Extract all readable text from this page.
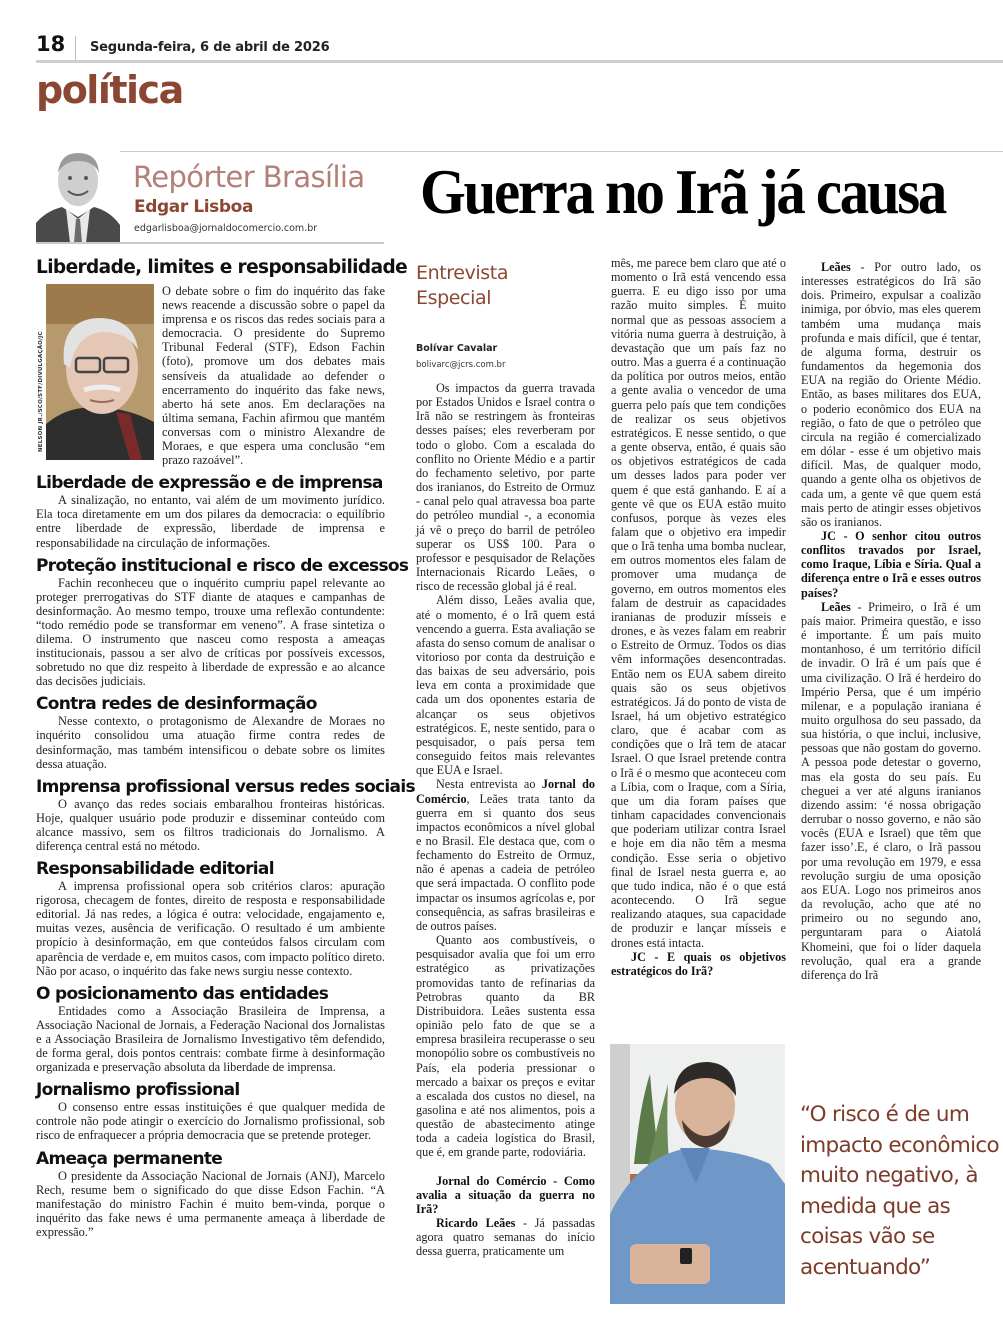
18 Segunda-feira, 6 de abril de 2026
política
Repórter Brasília
Edgar Lisboa
edgarlisboa@jornaldocomercio.com.br
Guerra no Irã já causa
Liberdade, limites e responsabilidade
NELSON JR./SCO/STF/DIVULGAÇÃO/JC
O debate sobre o fim do inquérito das fake news reacende a discussão sobre o papel da imprensa e os riscos das redes sociais para a democracia. O presidente do Supremo Tribunal Federal (STF), Edson Fachin (foto), promove um dos debates mais sensíveis da atualidade ao defender o encerramento do inquérito das fake news, aberto há sete anos. Em declarações na última semana, Fachin afirmou que mantém conversas com o ministro Alexandre de Moraes, e que espera uma conclusão “em prazo razoável”.
Liberdade de expressão e de imprensa

A sinalização, no entanto, vai além de um movimento jurídico. Ela toca diretamente em um dos pilares da democracia: o equilíbrio entre liberdade de expressão, liberdade de imprensa e responsabilidade na circulação de informações.

Proteção institucional e risco de excessos

Fachin reconheceu que o inquérito cumpriu papel relevante ao proteger prerrogativas do STF diante de ataques e campanhas de desinformação. Ao mesmo tempo, trouxe uma reflexão contundente: “todo remédio pode se transformar em veneno”. A frase sintetiza o dilema. O instrumento que nasceu como resposta a ameaças institucionais, passou a ser alvo de críticas por possíveis excessos, sobretudo no que diz respeito à liberdade de expressão e ao alcance das decisões judiciais.

Contra redes de desinformação

Nesse contexto, o protagonismo de Alexandre de Moraes no inquérito consolidou uma atuação firme contra redes de desinformação, mas também intensificou o debate sobre os limites dessa atuação.

Imprensa profissional versus redes sociais

O avanço das redes sociais embaralhou fronteiras históricas. Hoje, qualquer usuário pode produzir e disseminar conteúdo com alcance massivo, sem os filtros tradicionais do Jornalismo. A diferença central está no método.

Responsabilidade editorial

A imprensa profissional opera sob critérios claros: apuração rigorosa, checagem de fontes, direito de resposta e responsabilidade editorial. Já nas redes, a lógica é outra: velocidade, engajamento e, muitas vezes, ausência de verificação. O resultado é um ambiente propício à desinformação, em que conteúdos falsos circulam com aparência de verdade e, em muitos casos, com impacto político direto. Não por acaso, o inquérito das fake news surgiu nesse contexto.

O posicionamento das entidades

Entidades como a Associação Brasileira de Imprensa, a Associação Nacional de Jornais, a Federação Nacional dos Jornalistas e a Associação Brasileira de Jornalismo Investigativo têm defendido, de forma geral, dois pontos centrais: combate firme à desinformação organizada e preservação absoluta da liberdade de imprensa.

Jornalismo profissional

O consenso entre essas instituições é que qualquer medida de controle não pode atingir o exercício do Jornalismo profissional, sob risco de enfraquecer a própria democracia que se pretende proteger.

Ameaça permanente

O presidente da Associação Nacional de Jornais (ANJ), Marcelo Rech, resume bem o significado do que disse Edson Fachin. “A manifestação do ministro Fachin é muito bem-vinda, porque o inquérito das fake news é uma permanente ameaça à liberdade de expressão.”

Entrevista
Especial
Bolívar Cavalar
bolivarc@jcrs.com.br

Os impactos da guerra travada por Estados Unidos e Israel contra o Irã não se restringem às fronteiras desses países; eles reverberam por todo o globo. Com a escalada do conflito no Oriente Médio e a partir do fechamento seletivo, por parte dos iranianos, do Estreito de Ormuz - canal pelo qual atravessa boa parte do petróleo mundial -, a economia já vê o preço do barril de petróleo superar os US$ 100. Para o professor e pesquisador de Relações Internacionais Ricardo Leães, o risco de recessão global já é real.

Além disso, Leães avalia que, até o momento, é o Irã quem está vencendo a guerra. Esta avaliação se afasta do senso comum de analisar o vitorioso por conta da destruição e das baixas de seu adversário, pois leva em conta a proximidade que cada um dos oponentes estaria de alcançar os seus objetivos estratégicos. E, neste sentido, para o pesquisador, o país persa tem conseguido feitos mais relevantes que EUA e Israel.

Nesta entrevista ao Jornal do Comércio, Leães trata tanto da guerra em si quanto dos seus impactos econômicos a nível global e no Brasil. Ele destaca que, com o fechamento do Estreito de Ormuz, não é apenas a cadeia de petróleo que será impactada. O conflito pode impactar os insumos agrícolas e, por consequência, as safras brasileiras e de outros países.

Quanto aos combustíveis, o pesquisador avalia que foi um erro estratégico as privatizações promovidas tanto de refinarias da Petrobras quanto da BR Distribuidora. Leães sustenta essa opinião pelo fato de que se a empresa brasileira recuperasse o seu monopólio sobre os combustíveis no País, ela poderia pressionar o mercado a baixar os preços e evitar a escalada dos custos no diesel, na gasolina e até nos alimentos, pois a questão de abastecimento atinge toda a cadeia logística do Brasil, que é, em grande parte, rodoviária.

Jornal do Comércio - Como avalia a situação da guerra no Irã?

Ricardo Leães - Já passadas agora quatro semanas do início dessa guerra, praticamente um

mês, me parece bem claro que até o momento o Irã está vencendo essa guerra. E eu digo isso por uma razão muito simples. É muito normal que as pessoas associem a vitória numa guerra à destruição, à devastação que um país faz no outro. Mas a guerra é a continuação da política por outros meios, então a gente avalia o vencedor de uma guerra pelo país que tem condições de realizar os seus objetivos estratégicos. E nesse sentido, o que a gente observa, então, é quais são os objetivos estratégicos de cada um desses lados para poder ver quem é que está ganhando. E aí a gente vê que os EUA estão muito confusos, porque às vezes eles falam que o objetivo era impedir que o Irã tenha uma bomba nuclear, em outros momentos eles falam de promover uma mudança de governo, em outros momentos eles falam de destruir as capacidades iranianas de produzir mísseis e drones, e às vezes falam em reabrir o Estreito de Ormuz. Todos os dias vêm informações desencontradas. Então nem os EUA sabem direito quais são os seus objetivos estratégicos. Já do ponto de vista de Israel, há um objetivo estratégico claro, que é acabar com as condições que o Irã tem de atacar Israel. O que Israel pretende contra o Irã é o mesmo que aconteceu com a Líbia, com o Iraque, com a Síria, que um dia foram países que tinham capacidades convencionais que poderiam utilizar contra Israel e hoje em dia não têm a mesma condição. Esse seria o objetivo final de Israel nesta guerra e, ao que tudo indica, não é o que está acontecendo. O Irã segue realizando ataques, sua capacidade de produzir e lançar mísseis e drones está intacta.

JC - E quais os objetivos estratégicos do Irã?

Leães - Por outro lado, os interesses estratégicos do Irã são dois. Primeiro, expulsar a coalizão inimiga, por óbvio, mas eles querem também uma mudança mais profunda e mais difícil, que é tentar, de alguma forma, destruir os fundamentos da hegemonia dos EUA na região do Oriente Médio. Então, as bases militares dos EUA, o poderio econômico dos EUA na região, o fato de que o petróleo que circula na região é comercializado em dólar - esse é um objetivo mais difícil. Mas, de qualquer modo, quando a gente olha os objetivos de cada um, a gente vê que quem está mais perto de atingir esses objetivos são os iranianos.

JC - O senhor citou outros conflitos travados por Israel, como Iraque, Líbia e Síria. Qual a diferença entre o Irã e esses outros países?

Leães - Primeiro, o Irã é um país maior. Primeira questão, e isso é importante. É um país muito montanhoso, é um território difícil de invadir. O Irã é um país que é uma civilização. O Irã é herdeiro do Império Persa, que é um império milenar, e a população iraniana é muito orgulhosa do seu passado, da sua história, o que inclui, inclusive, pessoas que não gostam do governo. A pessoa pode detestar o governo, mas ela gosta do seu país. Eu cheguei a ver até alguns iranianos dizendo assim: ‘é nossa obrigação derrubar o nosso governo, e não são vocês (EUA e Israel) que têm que fazer isso’.E, é claro, o Irã passou por uma revolução em 1979, e essa revolução surgiu de uma oposição aos EUA. Logo nos primeiros anos da revolução, acho que até no primeiro ou no segundo ano, perguntaram para o Aiatolá Khomeini, que foi o líder daquela revolução, qual era a grande diferença do Irã

“O risco é de um impacto econômico muito negativo, à medida que as coisas vão se acentuando”
